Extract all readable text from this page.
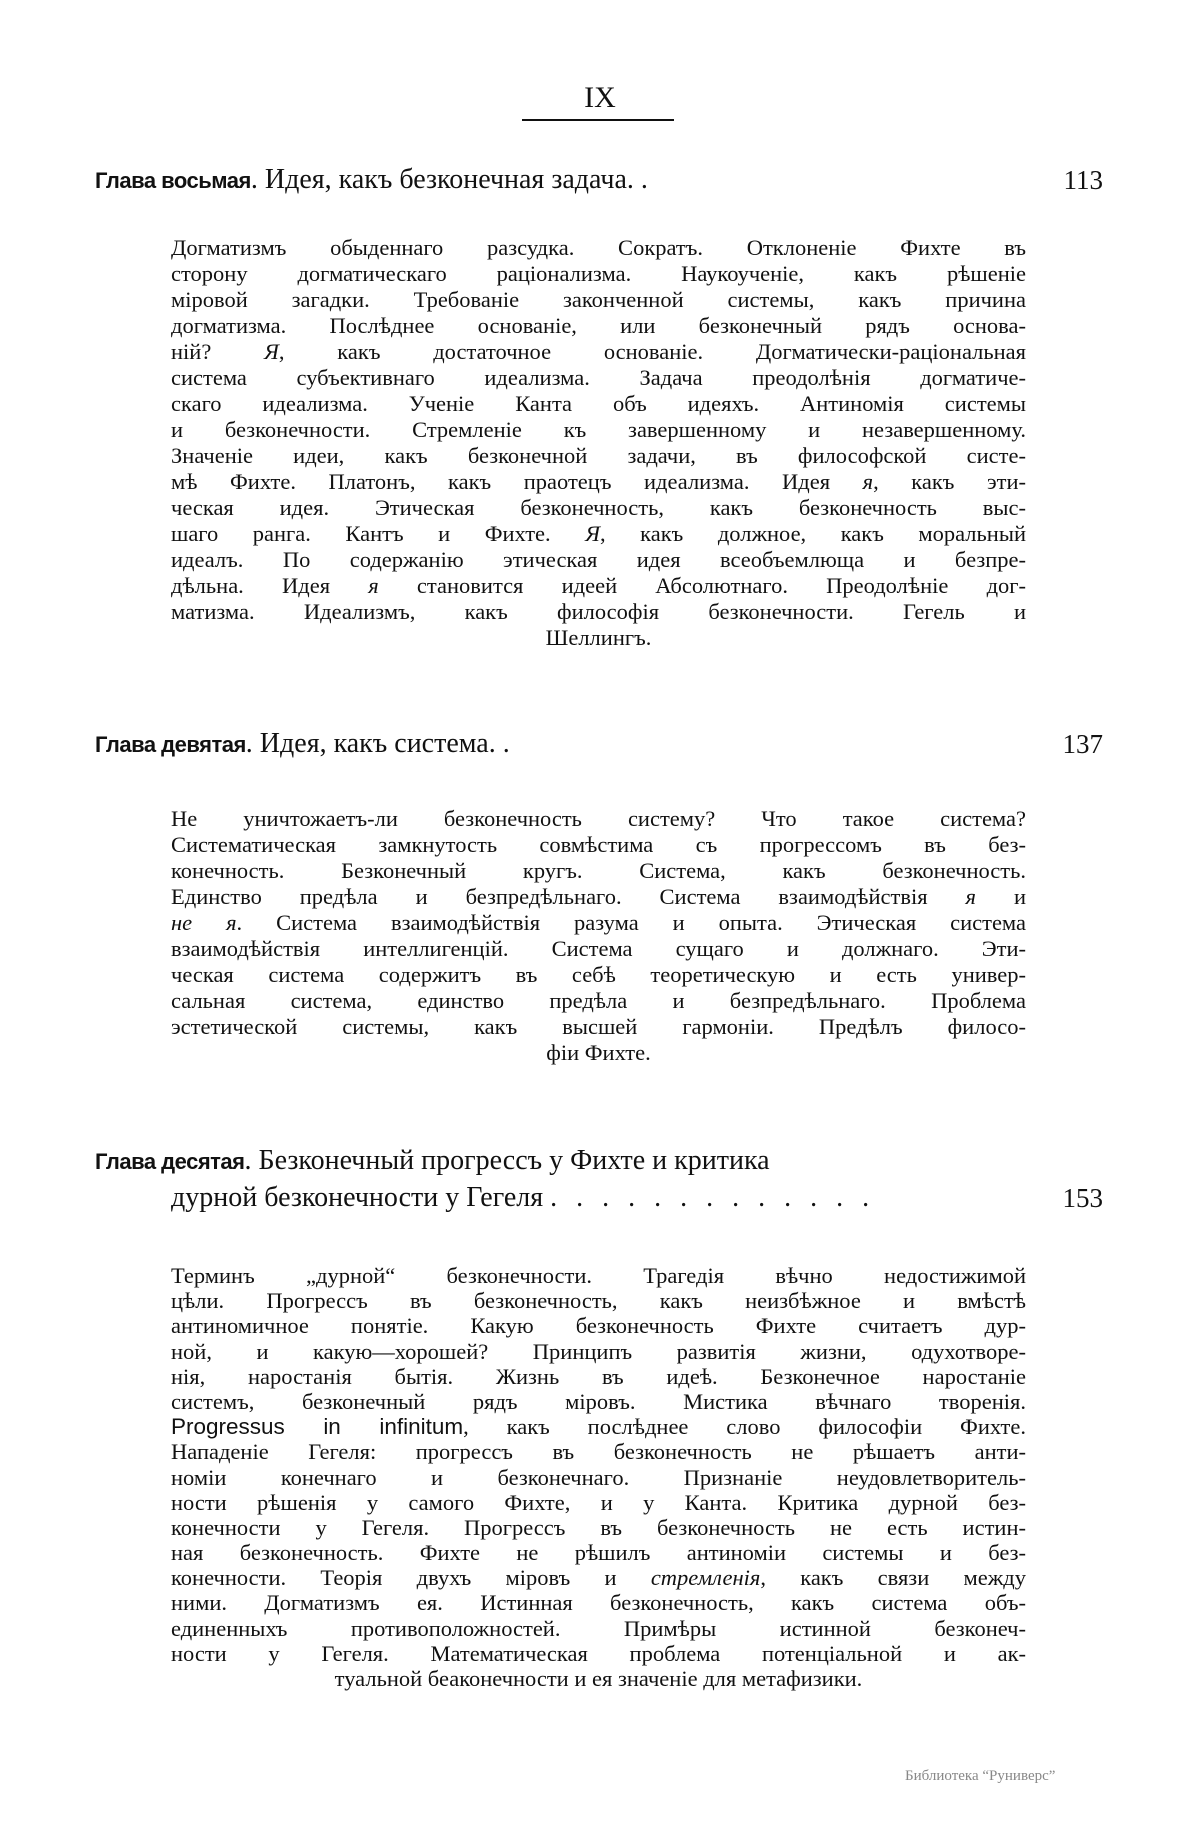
IX
Глава восьмая. Идея, какъ безконечная задача. .	113
Догматизмъ обыденнаго разсудка. Сократъ. Отклоненіе Фихте въ
сторону догматическаго раціонализма. Наукоученіе, какъ рѣшеніе
міровой загадки. Требованіе законченной системы, какъ причина
догматизма. Послѣднее основаніе, или безконечный рядъ основа-
ній? Я, какъ достаточное основаніе. Догматически-раціональная
система субъективнаго идеализма. Задача преодолѣнія догматиче-
скаго идеализма. Ученіе Канта объ идеяхъ. Антиномія системы
и безконечности. Стремленіе къ завершенному и незавершенному.
Значеніе идеи, какъ безконечной задачи, въ философской систе-
мѣ Фихте. Платонъ, какъ праотецъ идеализма. Идея я, какъ эти-
ческая идея. Этическая безконечность, какъ безконечность выс-
шаго ранга. Кантъ и Фихте. Я, какъ должное, какъ моральный
идеалъ. По содержанію этическая идея всеобъемлюща и безпре-
дѣльна. Идея я становится идеей Абсолютнаго. Преодолѣніе дог-
матизма. Идеализмъ, какъ философія безконечности. Гегель и
Шеллингъ.
Глава девятая. Идея, какъ система. .	137
Не уничтожаетъ-ли безконечность систему? Что такое система?
Систематическая замкнутость совмѣстима съ прогрессомъ въ без-
конечность. Безконечный кругъ. Система, какъ безконечность.
Единство предѣла и безпредѣльнаго. Система взаимодѣйствія я и
не я. Система взаимодѣйствія разума и опыта. Этическая система
взаимодѣйствія интеллигенцій. Система сущаго и должнаго. Эти-
ческая система содержитъ въ себѣ теоретическую и есть универ-
сальная система, единство предѣла и безпредѣльнаго. Проблема
эстетической системы, какъ высшей гармоніи. Предѣлъ филосо-
фіи Фихте.
Глава десятая. Безконечный прогрессъ у Фихте и критика
дурной безконечности у Гегеля . . . . . . . . . . . . .	153
Терминъ „дурной“ безконечности. Трагедія вѣчно недостижимой
цѣли. Прогрессъ въ безконечность, какъ неизбѣжное и вмѣстѣ
антиномичное понятіе. Какую безконечность Фихте считаетъ дур-
ной, и какую—хорошей? Принципъ развитія жизни, одухотворе-
нія, наростанія бытія. Жизнь въ идеѣ. Безконечное наростаніе
системъ, безконечный рядъ міровъ. Мистика вѣчнаго творенія.
Progressus in infinitum, какъ послѣднее слово философіи Фихте.
Нападеніе Гегеля: прогрессъ въ безконечность не рѣшаетъ анти-
номіи конечнаго и безконечнаго. Признаніе неудовлетворитель-
ности рѣшенія у самого Фихте, и у Канта. Критика дурной без-
конечности у Гегеля. Прогрессъ въ безконечность не есть истин-
ная безконечность. Фихте не рѣшилъ антиноміи системы и без-
конечности. Теорія двухъ міровъ и стремленія, какъ связи между
ними. Догматизмъ ея. Истинная безконечность, какъ система объ-
единенныхъ противоположностей. Примѣры истинной безконеч-
ности у Гегеля. Математическая проблема потенціальной и ак-
туальной беаконечности и ея значеніе для метафизики.
Библиотека “Руниверс”
